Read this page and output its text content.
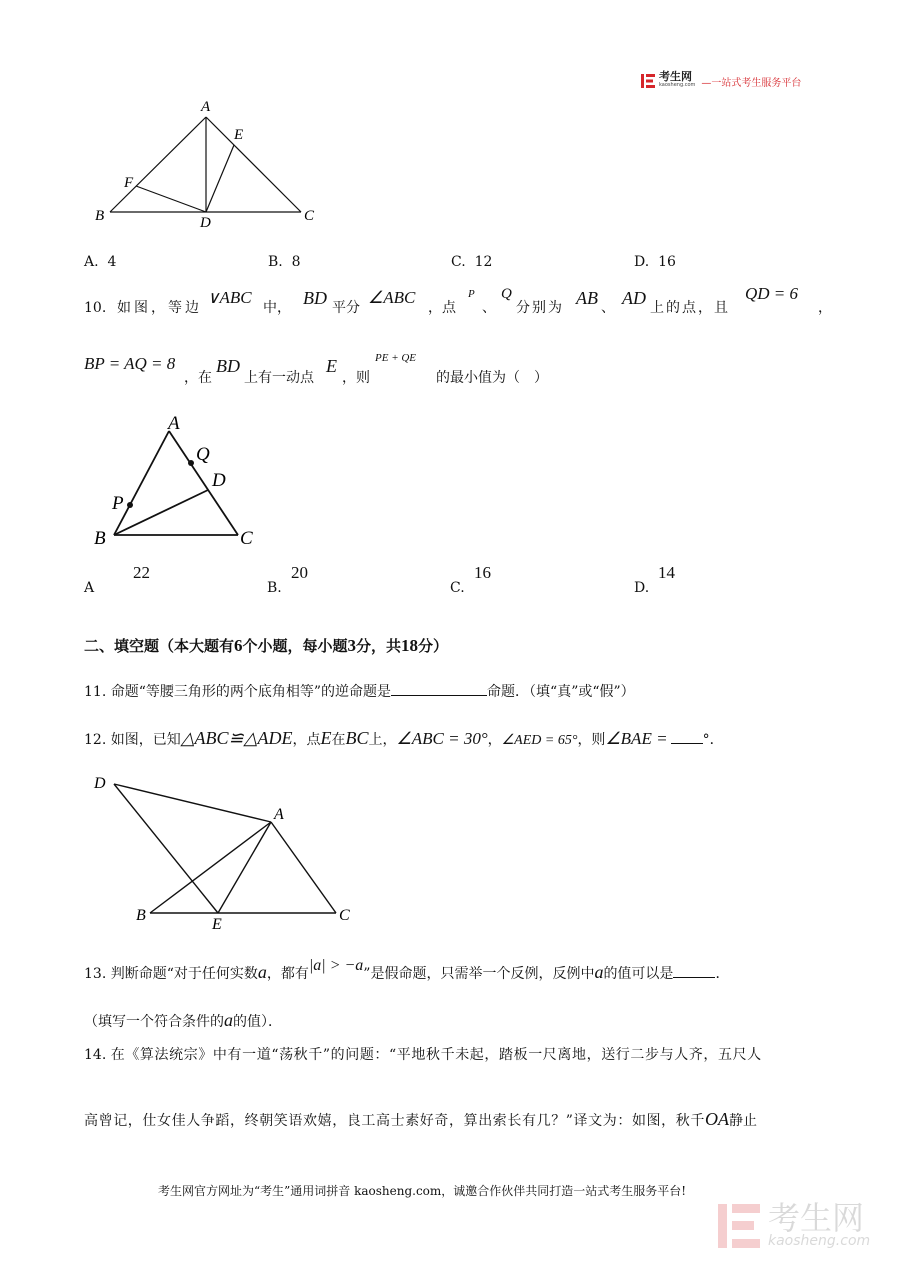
考生网
kaosheng.com —一站式考生服务平台
A
E
F
B	D	C
A. 4	B. 8	C. 12	D. 16
10. 如图，等边
∨ABC
中， BD 平分
∠ABC
，点
P
、
Q
分别为 AB 、 AD 上的点，且
QD = 6
，
BP = AQ = 8
，在
BD
上有一动点
E
，则
PE + QE
的最小值为（　）
A
Q
D
P
B	C
A
22
B.
20
C.
16
D.
14
二、填空题（本大题有6个小题，每小题3分，共18分）
11. 命题“等腰三角形的两个底角相等”的逆命题是	命题．（填“真”或“假”）
12. 如图，已知△ABC≌△ADE，点E在BC上，∠ABC = 30°，∠AED = 65°，则∠BAE =	°．
D
A
B
E
C
13. 判断命题“对于任何实数a，都有|a| > −a”是假命题，只需举一个反例，反例中a的值可以是	．
（填写一个符合条件的a的值）．
14. 在《算法统宗》中有一道“荡秋千”的问题：“平地秋千未起，踏板一尺离地，送行二步与人齐，五尺人
高曾记，仕女佳人争蹈，终朝笑语欢嬉，良工高士素好奇，算出索长有几？”译文为：如图，秋千OA静止
考生网官方网址为“考生”通用词拼音 kaosheng.com，诚邀合作伙伴共同打造一站式考生服务平台!
考生网
kaosheng.com
